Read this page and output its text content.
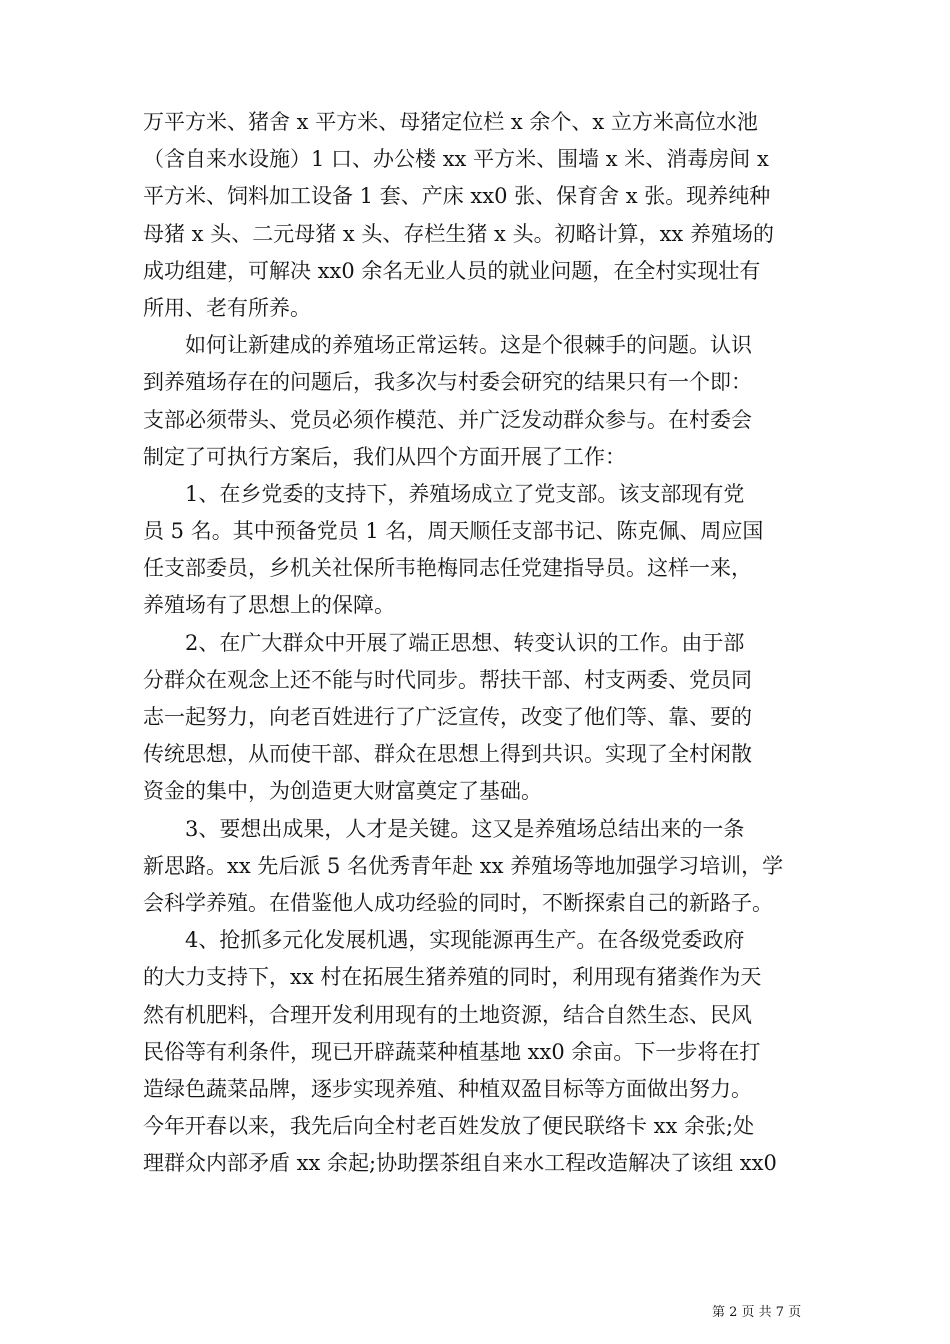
万平方米、猪舍 x 平方米、母猪定位栏 x 余个、x 立方米高位水池
（含自来水设施）1 口、办公楼 xx 平方米、围墙 x 米、消毒房间 x
平方米、饲料加工设备 1 套、产床 xx0 张、保育舍 x 张。现养纯种
母猪 x 头、二元母猪 x 头、存栏生猪 x 头。初略计算，xx 养殖场的
成功组建，可解决 xx0 余名无业人员的就业问题，在全村实现壮有
所用、老有所养。
　　如何让新建成的养殖场正常运转。这是个很棘手的问题。认识
到养殖场存在的问题后，我多次与村委会研究的结果只有一个即：
支部必须带头、党员必须作模范、并广泛发动群众参与。在村委会
制定了可执行方案后，我们从四个方面开展了工作：
　　1、在乡党委的支持下，养殖场成立了党支部。该支部现有党
员 5 名。其中预备党员 1 名，周天顺任支部书记、陈克佩、周应国
任支部委员，乡机关社保所韦艳梅同志任党建指导员。这样一来，
养殖场有了思想上的保障。
　　2、在广大群众中开展了端正思想、转变认识的工作。由于部
分群众在观念上还不能与时代同步。帮扶干部、村支两委、党员同
志一起努力，向老百姓进行了广泛宣传，改变了他们等、靠、要的
传统思想，从而使干部、群众在思想上得到共识。实现了全村闲散
资金的集中，为创造更大财富奠定了基础。
　　3、要想出成果，人才是关键。这又是养殖场总结出来的一条
新思路。xx 先后派 5 名优秀青年赴 xx 养殖场等地加强学习培训，学
会科学养殖。在借鉴他人成功经验的同时，不断探索自己的新路子。
　　4、抢抓多元化发展机遇，实现能源再生产。在各级党委政府
的大力支持下，xx 村在拓展生猪养殖的同时，利用现有猪粪作为天
然有机肥料，合理开发利用现有的土地资源，结合自然生态、民风
民俗等有利条件，现已开辟蔬菜种植基地 xx0 余亩。下一步将在打
造绿色蔬菜品牌，逐步实现养殖、种植双盈目标等方面做出努力。
今年开春以来，我先后向全村老百姓发放了便民联络卡 xx 余张;处
理群众内部矛盾 xx 余起;协助摆茶组自来水工程改造解决了该组 xx0
第 2 页 共 7 页
